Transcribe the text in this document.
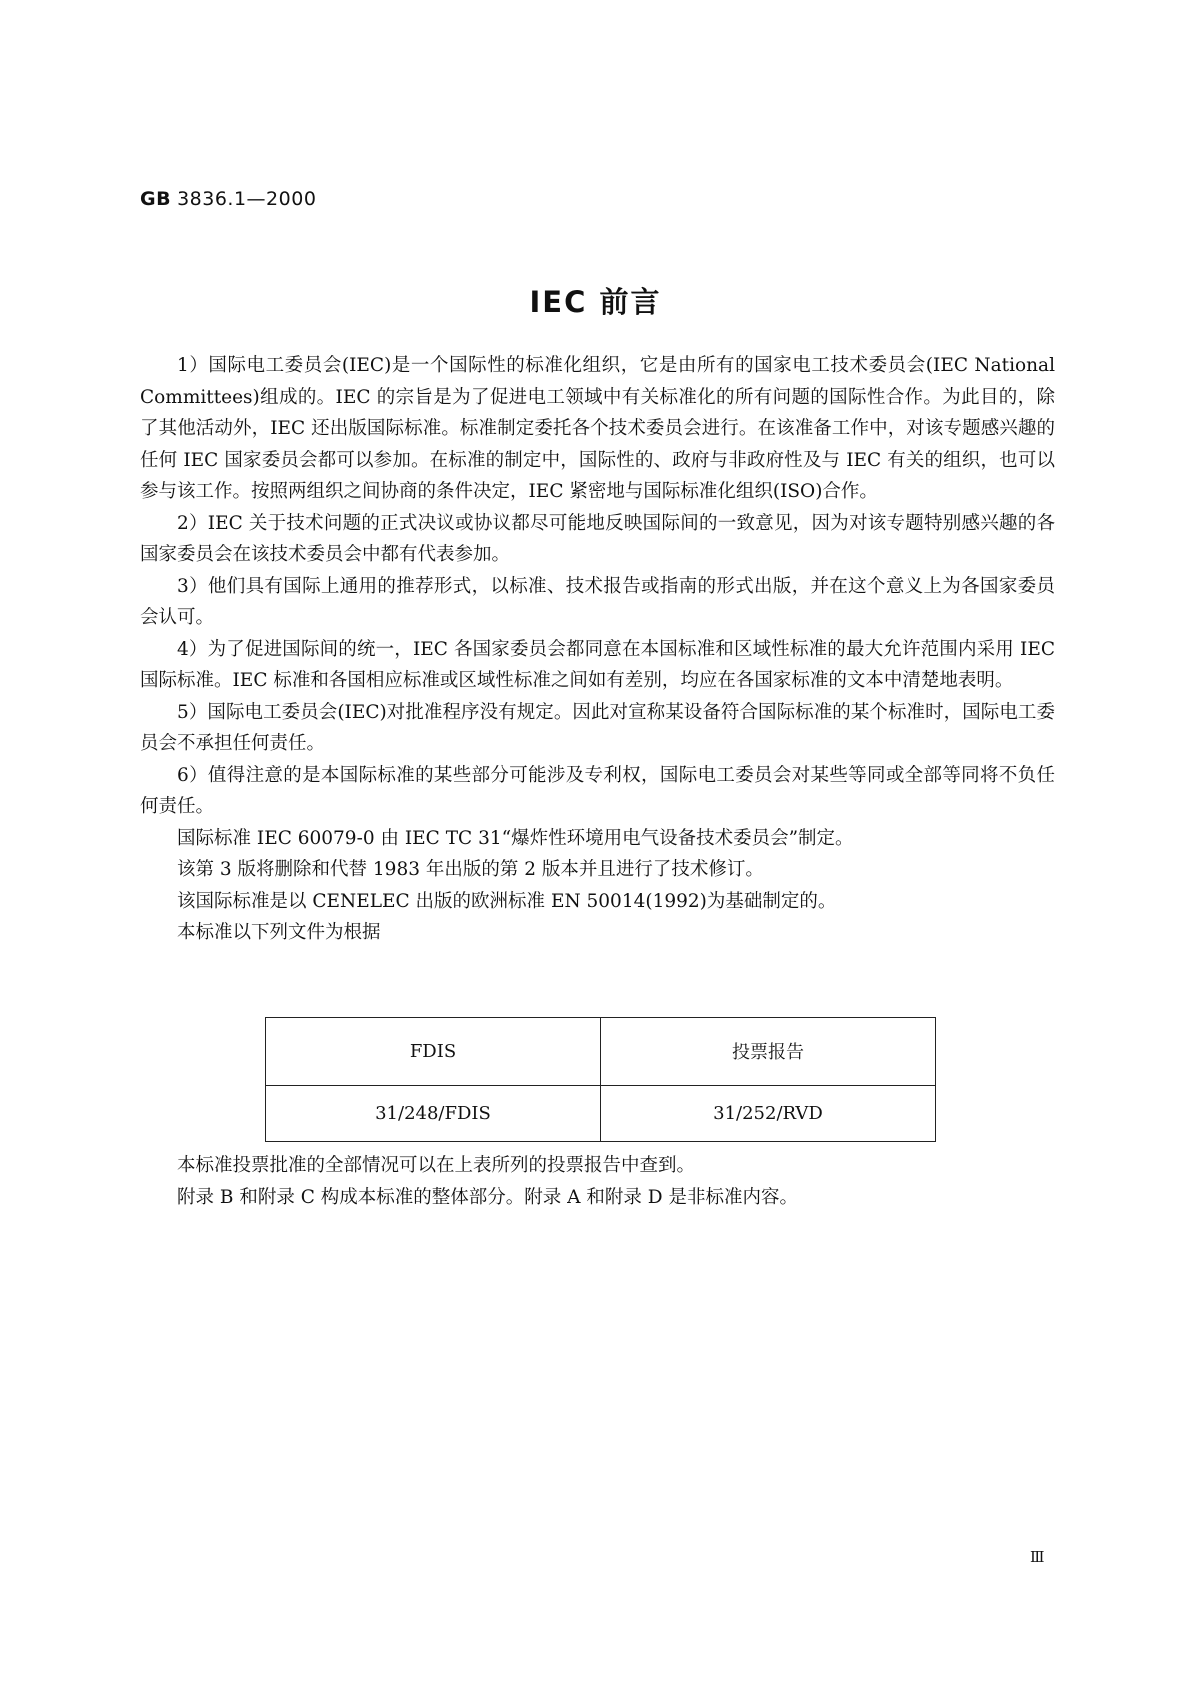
GB 3836.1—2000
IEC 前言

1）国际电工委员会(IEC)是一个国际性的标准化组织，它是由所有的国家电工技术委员会(IEC National Committees)组成的。IEC 的宗旨是为了促进电工领域中有关标准化的所有问题的国际性合作。为此目的，除了其他活动外，IEC 还出版国际标准。标准制定委托各个技术委员会进行。在该准备工作中，对该专题感兴趣的任何 IEC 国家委员会都可以参加。在标准的制定中，国际性的、政府与非政府性及与 IEC 有关的组织，也可以参与该工作。按照两组织之间协商的条件决定，IEC 紧密地与国际标准化组织(ISO)合作。

2）IEC 关于技术问题的正式决议或协议都尽可能地反映国际间的一致意见，因为对该专题特别感兴趣的各国家委员会在该技术委员会中都有代表参加。

3）他们具有国际上通用的推荐形式，以标准、技术报告或指南的形式出版，并在这个意义上为各国家委员会认可。

4）为了促进国际间的统一，IEC 各国家委员会都同意在本国标准和区域性标准的最大允许范围内采用 IEC 国际标准。IEC 标准和各国相应标准或区域性标准之间如有差别，均应在各国家标准的文本中清楚地表明。

5）国际电工委员会(IEC)对批准程序没有规定。因此对宣称某设备符合国际标准的某个标准时，国际电工委员会不承担任何责任。

6）值得注意的是本国际标准的某些部分可能涉及专利权，国际电工委员会对某些等同或全部等同将不负任何责任。

国际标准 IEC 60079-0 由 IEC TC 31“爆炸性环境用电气设备技术委员会”制定。

该第 3 版将删除和代替 1983 年出版的第 2 版本并且进行了技术修订。

该国际标准是以 CENELEC 出版的欧洲标准 EN 50014(1992)为基础制定的。

本标准以下列文件为根据

FDIS	投票报告
31/248/FDIS	31/252/RVD

本标准投票批准的全部情况可以在上表所列的投票报告中查到。

附录 B 和附录 C 构成本标准的整体部分。附录 A 和附录 D 是非标准内容。

Ⅲ
